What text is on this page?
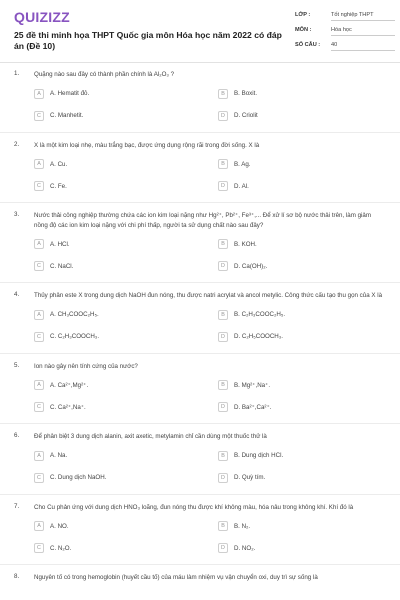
QUIZIZZ
25 đề thi minh họa THPT Quốc gia môn Hóa học năm 2022 có đáp án (Đề 10)
LỚP :	Tốt nghiệp THPT
MÔN :	Hóa học
SỐ CÂU :	40
1. Quặng nào sau đây có thành phần chính là Al₂O₃ ?
A	A. Hematit đỏ.	B	B. Boxit.
C	C. Manhetit.	D	D. Criolit
2. X là một kim loại nhẹ, màu trắng bạc, được ứng dụng rộng rãi trong đời sống. X là
A	A. Cu.	B	B. Ag.
C	C. Fe.	D	D. Al.
3. Nước thải công nghiệp thường chứa các ion kim loại nặng như Hg²⁺, Pb²⁺, Fe³⁺,... Để xử lí sơ bộ nước thải trên, làm giảm nồng độ các ion kim loại nặng với chi phí thấp, người ta sử dụng chất nào sau đây?
A	A. HCl.	B	B. KOH.
C	C. NaCl.	D	D. Ca(OH)₂.
4. Thủy phân este X trong dung dịch NaOH đun nóng, thu được natri acrylat và ancol metylic. Công thức cấu tạo thu gọn của X là
A	A. CH₃COOC₂H₅.	B	B. C₂H₃COOC₂H₅.
C	C. C₂H₃COOCH₃.	D	D. C₂H₅COOCH₃.
5. Ion nào gây nên tính cứng của nước?
A	A. Ca²⁺,Mg²⁺.	B	B. Mg²⁺,Na⁺.
C	C. Ca²⁺,Na⁺.	D	D. Ba²⁺,Ca²⁺.
6. Để phân biệt 3 dung dịch alanin, axit axetic, metylamin chỉ cần dùng một thuốc thử là
A	A. Na.	B	B. Dung dịch HCl.
C	C. Dung dịch NaOH.	D	D. Quỳ tím.
7. Cho Cu phản ứng với dung dịch HNO₃ loãng, đun nóng thu được khí không màu, hóa nâu trong không khí. Khí đó là
A	A. NO.	B	B. N₂.
C	C. N₂O.	D	D. NO₂.
8. Nguyên tố có trong hemoglobin (huyết cầu tố) của máu làm nhiệm vụ vận chuyển oxi, duy trì sự sống là
